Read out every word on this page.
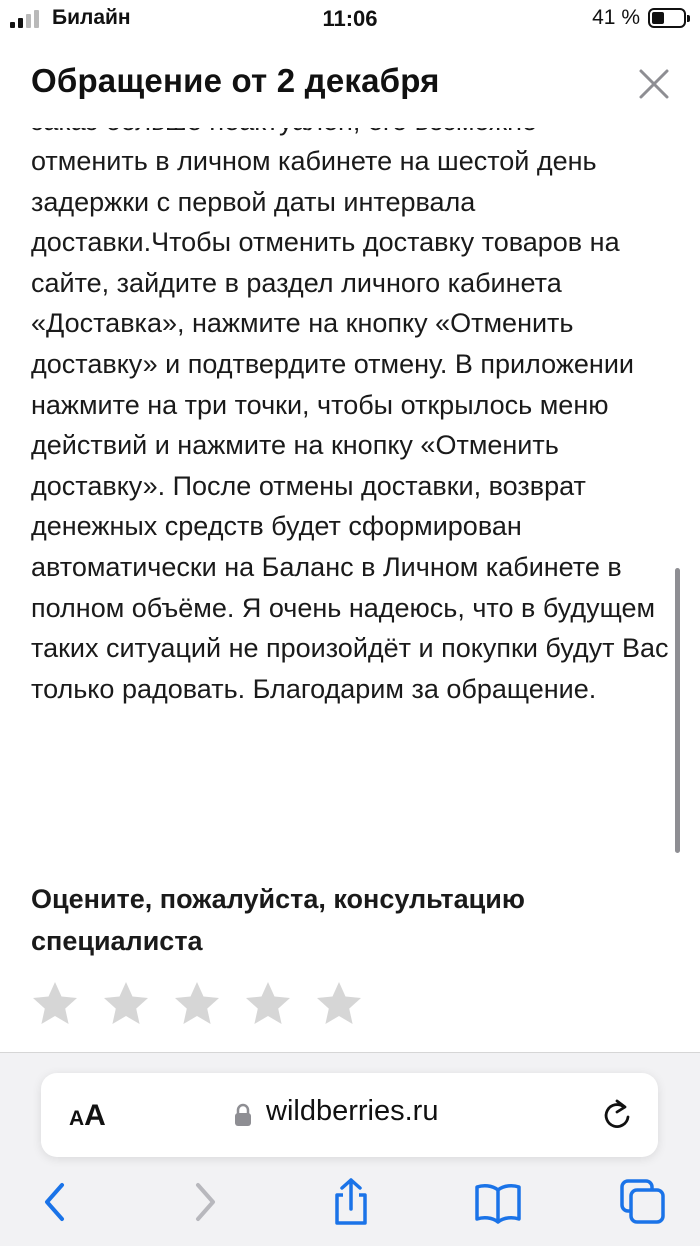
Билайн	11:06	41 %
Обращение от 2 декабря

отменить в личном кабинете на шестой день задержки с первой даты интервала доставки.Чтобы отменить доставку товаров на сайте, зайдите в раздел личного кабинета «Доставка», нажмите на кнопку «Отменить доставку» и подтвердите отмену. В приложении нажмите на три точки, чтобы открылось меню действий и нажмите на кнопку «Отменить доставку». После отмены доставки, возврат денежных средств будет сформирован автоматически на Баланс в Личном кабинете в полном объёме. Я очень надеюсь, что в будущем таких ситуаций не произойдёт и покупки будут Вас только радовать. Благодарим за обращение.

Оцените, пожалуйста, консультацию специалиста

AA	wildberries.ru
